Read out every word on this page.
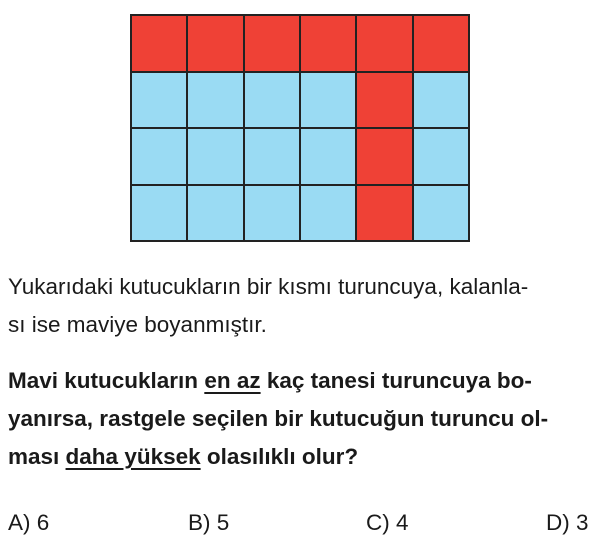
Yukarıdaki kutucukların bir kısmı turuncuya, kalanla-
sı ise maviye boyanmıştır.

Mavi kutucukların en az kaç tanesi turuncuya bo-
yanırsa, rastgele seçilen bir kutucuğun turuncu ol-
ması daha yüksek olasılıklı olur?

A) 6	B) 5	C) 4	D) 3
